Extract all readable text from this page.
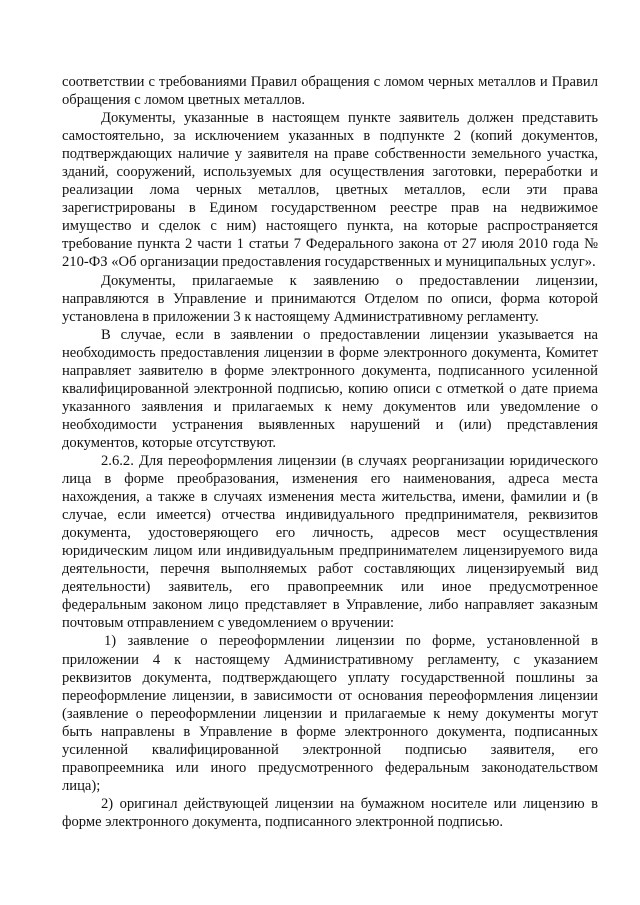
соответствии с требованиями Правил обращения с ломом черных металлов и Правил обращения с ломом цветных металлов.

Документы, указанные в настоящем пункте заявитель должен представить самостоятельно, за исключением указанных в подпункте 2 (копий документов, подтверждающих наличие у заявителя на праве собственности земельного участка, зданий, сооружений, используемых для осуществления заготовки, переработки и реализации лома черных металлов, цветных металлов, если эти права зарегистрированы в Едином государственном реестре прав на недвижимое имущество и сделок с ним) настоящего пункта, на которые распространяется требование пункта 2 части 1 статьи 7 Федерального закона от 27 июля 2010 года № 210-ФЗ «Об организации предоставления государственных и муниципальных услуг».

Документы, прилагаемые к заявлению о предоставлении лицензии, направляются в Управление и принимаются Отделом по описи, форма которой установлена в приложении 3 к настоящему Административному регламенту.

В случае, если в заявлении о предоставлении лицензии указывается на необходимость предоставления лицензии в форме электронного документа, Комитет направляет заявителю в форме электронного документа, подписанного усиленной квалифицированной электронной подписью, копию описи с отметкой о дате приема указанного заявления и прилагаемых к нему документов или уведомление о необходимости устранения выявленных нарушений и (или) представления документов, которые отсутствуют.

2.6.2. Для переоформления лицензии (в случаях реорганизации юридического лица в форме преобразования, изменения его наименования, адреса места нахождения, а также в случаях изменения места жительства, имени, фамилии и (в случае, если имеется) отчества индивидуального предпринимателя, реквизитов документа, удостоверяющего его личность, адресов мест осуществления юридическим лицом или индивидуальным предпринимателем лицензируемого вида деятельности, перечня выполняемых работ составляющих лицензируемый вид деятельности) заявитель, его правопреемник или иное предусмотренное федеральным законом лицо представляет в Управление, либо направляет заказным почтовым отправлением с уведомлением о вручении:

1) заявление о переоформлении лицензии по форме, установленной в приложении 4 к настоящему Административному регламенту, с указанием реквизитов документа, подтверждающего уплату государственной пошлины за переоформление лицензии, в зависимости от основания переоформления лицензии (заявление о переоформлении лицензии и прилагаемые к нему документы могут быть направлены в Управление в форме электронного документа, подписанных усиленной квалифицированной электронной подписью заявителя, его правопреемника или иного предусмотренного федеральным законодательством лица);

2) оригинал действующей лицензии на бумажном носителе или лицензию в форме электронного документа, подписанного электронной подписью.
